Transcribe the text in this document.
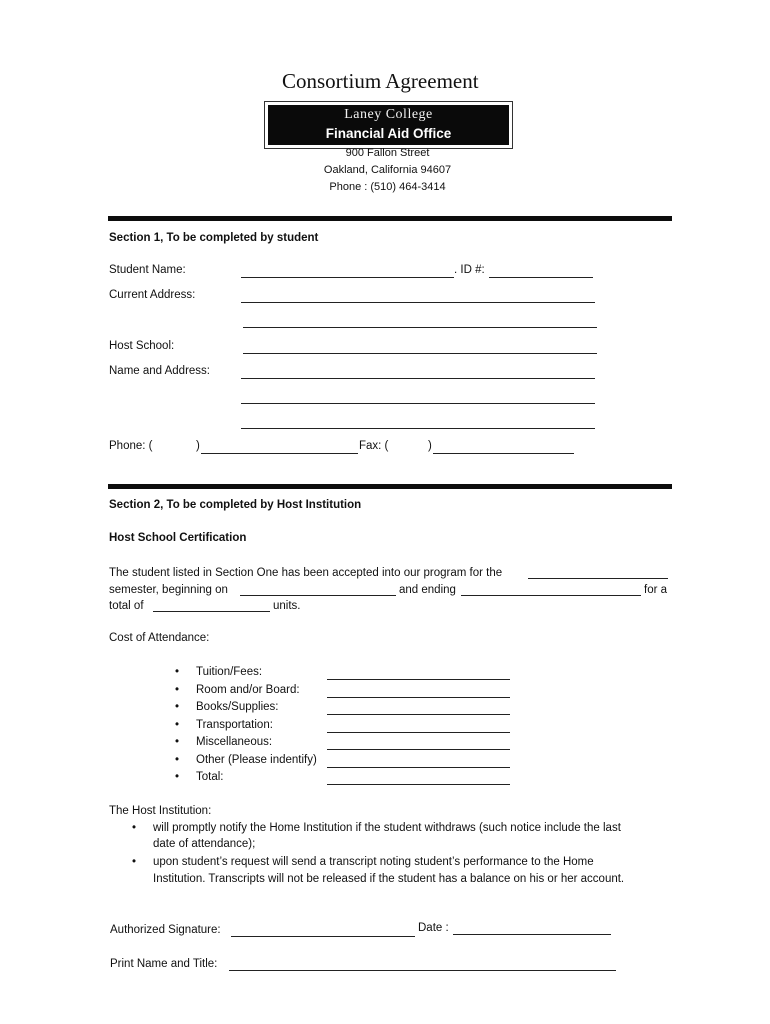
Consortium Agreement
Laney College
Financial Aid Office
900 Fallon Street
Oakland, California 94607
Phone : (510) 464-3414
Section 1, To be completed by student
Student Name:	. ID #:
Current Address:
Host School:
Name and Address:
Phone: (	)	Fax: (	)
Section 2, To be completed by Host Institution
Host School Certification
The student listed in Section One has been accepted into our program for the
semester, beginning on	and ending	for a
total of	units.
Cost of Attendance:
• Tuition/Fees:
• Room and/or Board:
• Books/Supplies:
• Transportation:
• Miscellaneous:
• Other (Please indentify)
• Total:
The Host Institution:
• will promptly notify the Home Institution if the student withdraws (such notice include the last
date of attendance);
• upon student’s request will send a transcript noting student’s performance to the Home
Institution. Transcripts will not be released if the student has a balance on his or her account.
Authorized Signature:	Date :
Print Name and Title:
